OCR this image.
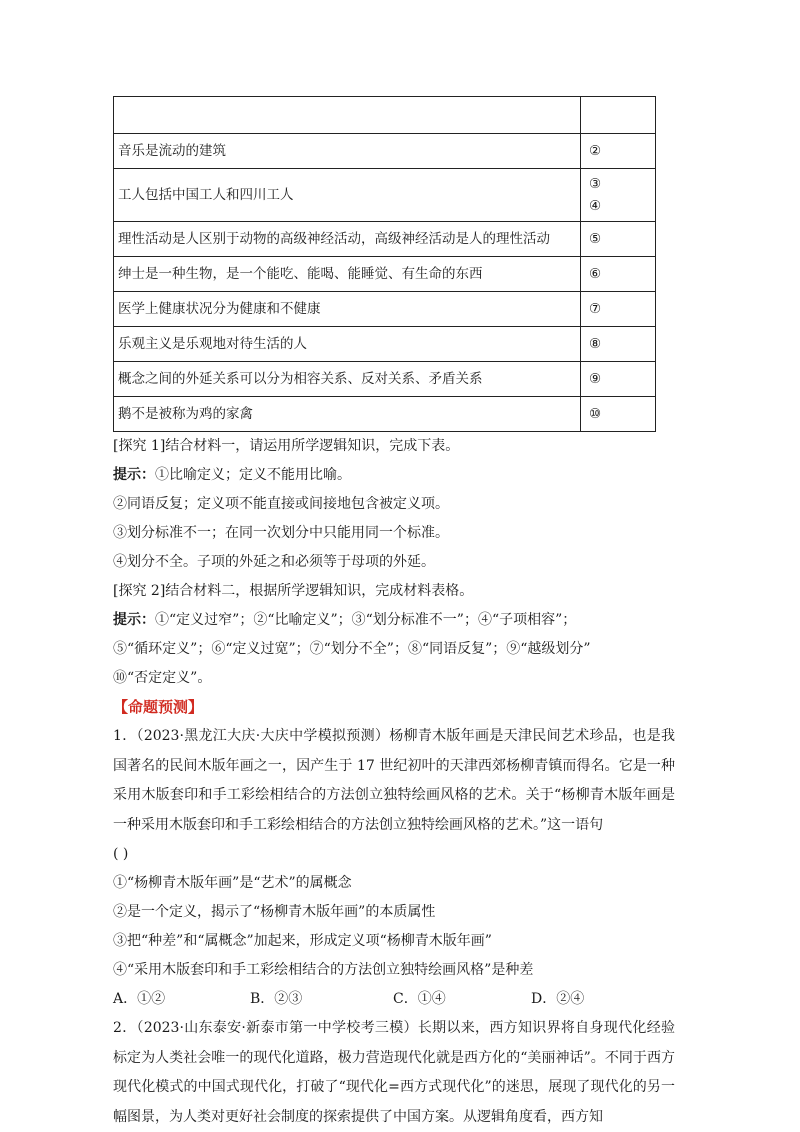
音乐是流动的建筑	②
工人包括中国工人和四川工人	③
④

理性活动是人区别于动物的高级神经活动，高级神经活动是人的理性活动	⑤
绅士是一种生物，是一个能吃、能喝、能睡觉、有生命的东西	⑥
医学上健康状况分为健康和不健康	⑦
乐观主义是乐观地对待生活的人	⑧
概念之间的外延关系可以分为相容关系、反对关系、矛盾关系	⑨
鹅不是被称为鸡的家禽	⑩

[探究 1]结合材料一，请运用所学逻辑知识，完成下表。

提示：①比喻定义；定义不能用比喻。

②同语反复；定义项不能直接或间接地包含被定义项。

③划分标准不一；在同一次划分中只能用同一个标准。

④划分不全。子项的外延之和必须等于母项的外延。

[探究 2]结合材料二，根据所学逻辑知识，完成材料表格。

提示：①“定义过窄”；②“比喻定义”；③“划分标准不一”；④“子项相容”；

⑤“循环定义”；⑥“定义过宽”；⑦“划分不全”；⑧“同语反复”；⑨“越级划分”

⑩“否定定义”。

【命题预测】

1．（2023·黑龙江大庆·大庆中学模拟预测）杨柳青木版年画是天津民间艺术珍品，也是我国著名的民间木版年画之一，因产生于 17 世纪初叶的天津西郊杨柳青镇而得名。它是一种采用木版套印和手工彩绘相结合的方法创立独特绘画风格的艺术。关于“杨柳青木版年画是一种采用木版套印和手工彩绘相结合的方法创立独特绘画风格的艺术。”这一语句

( )

①“杨柳青木版年画”是“艺术”的属概念

②是一个定义，揭示了“杨柳青木版年画”的本质属性

③把“种差”和“属概念”加起来，形成定义项“杨柳青木版年画”

④“采用木版套印和手工彩绘相结合的方法创立独特绘画风格”是种差

A．①②	B．②③	C．①④	D．②④

2．（2023·山东泰安·新泰市第一中学校考三模）长期以来，西方知识界将自身现代化经验标定为人类社会唯一的现代化道路，极力营造现代化就是西方化的“美丽神话”。不同于西方现代化模式的中国式现代化，打破了“现代化=西方式现代化”的迷思，展现了现代化的另一幅图景，为人类对更好社会制度的探索提供了中国方案。从逻辑角度看，西方知
